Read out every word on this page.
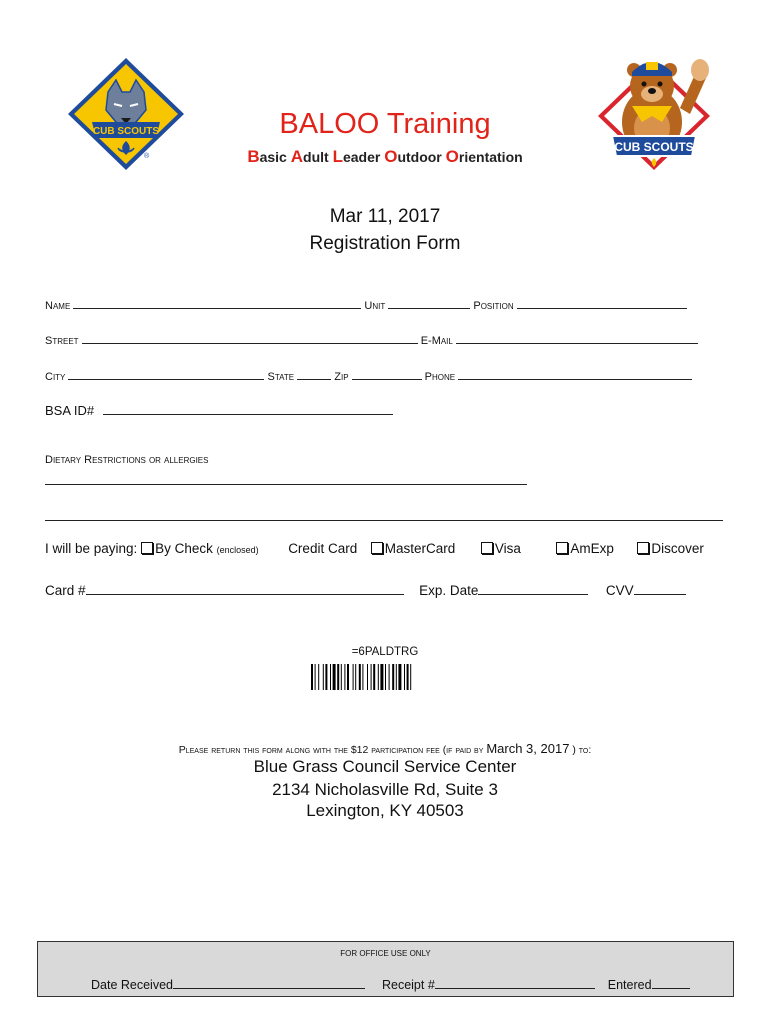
CUB SCOUTS
®
CUB SCOUTS
BALOO Training
Basic Adult Leader Outdoor Orientation
Mar 11, 2017
Registration Form
Name	Unit	Position
Street	E-Mail
City	State	Zip	Phone
BSA ID#
Dietary Restrictions or allergies
I will be paying: By Check (enclosed) Credit Card MasterCard	Visa	AmExp	Discover
Card #	Exp. Date	CVV
=6PALDTRG
Please return this form along with the $12 participation fee (if paid by March 3, 2017 ) to:
Blue Grass Council Service Center
2134 Nicholasville Rd, Suite 3
Lexington, KY 40503
FOR OFFICE USE ONLY
Date Received	Receipt #	Entered
